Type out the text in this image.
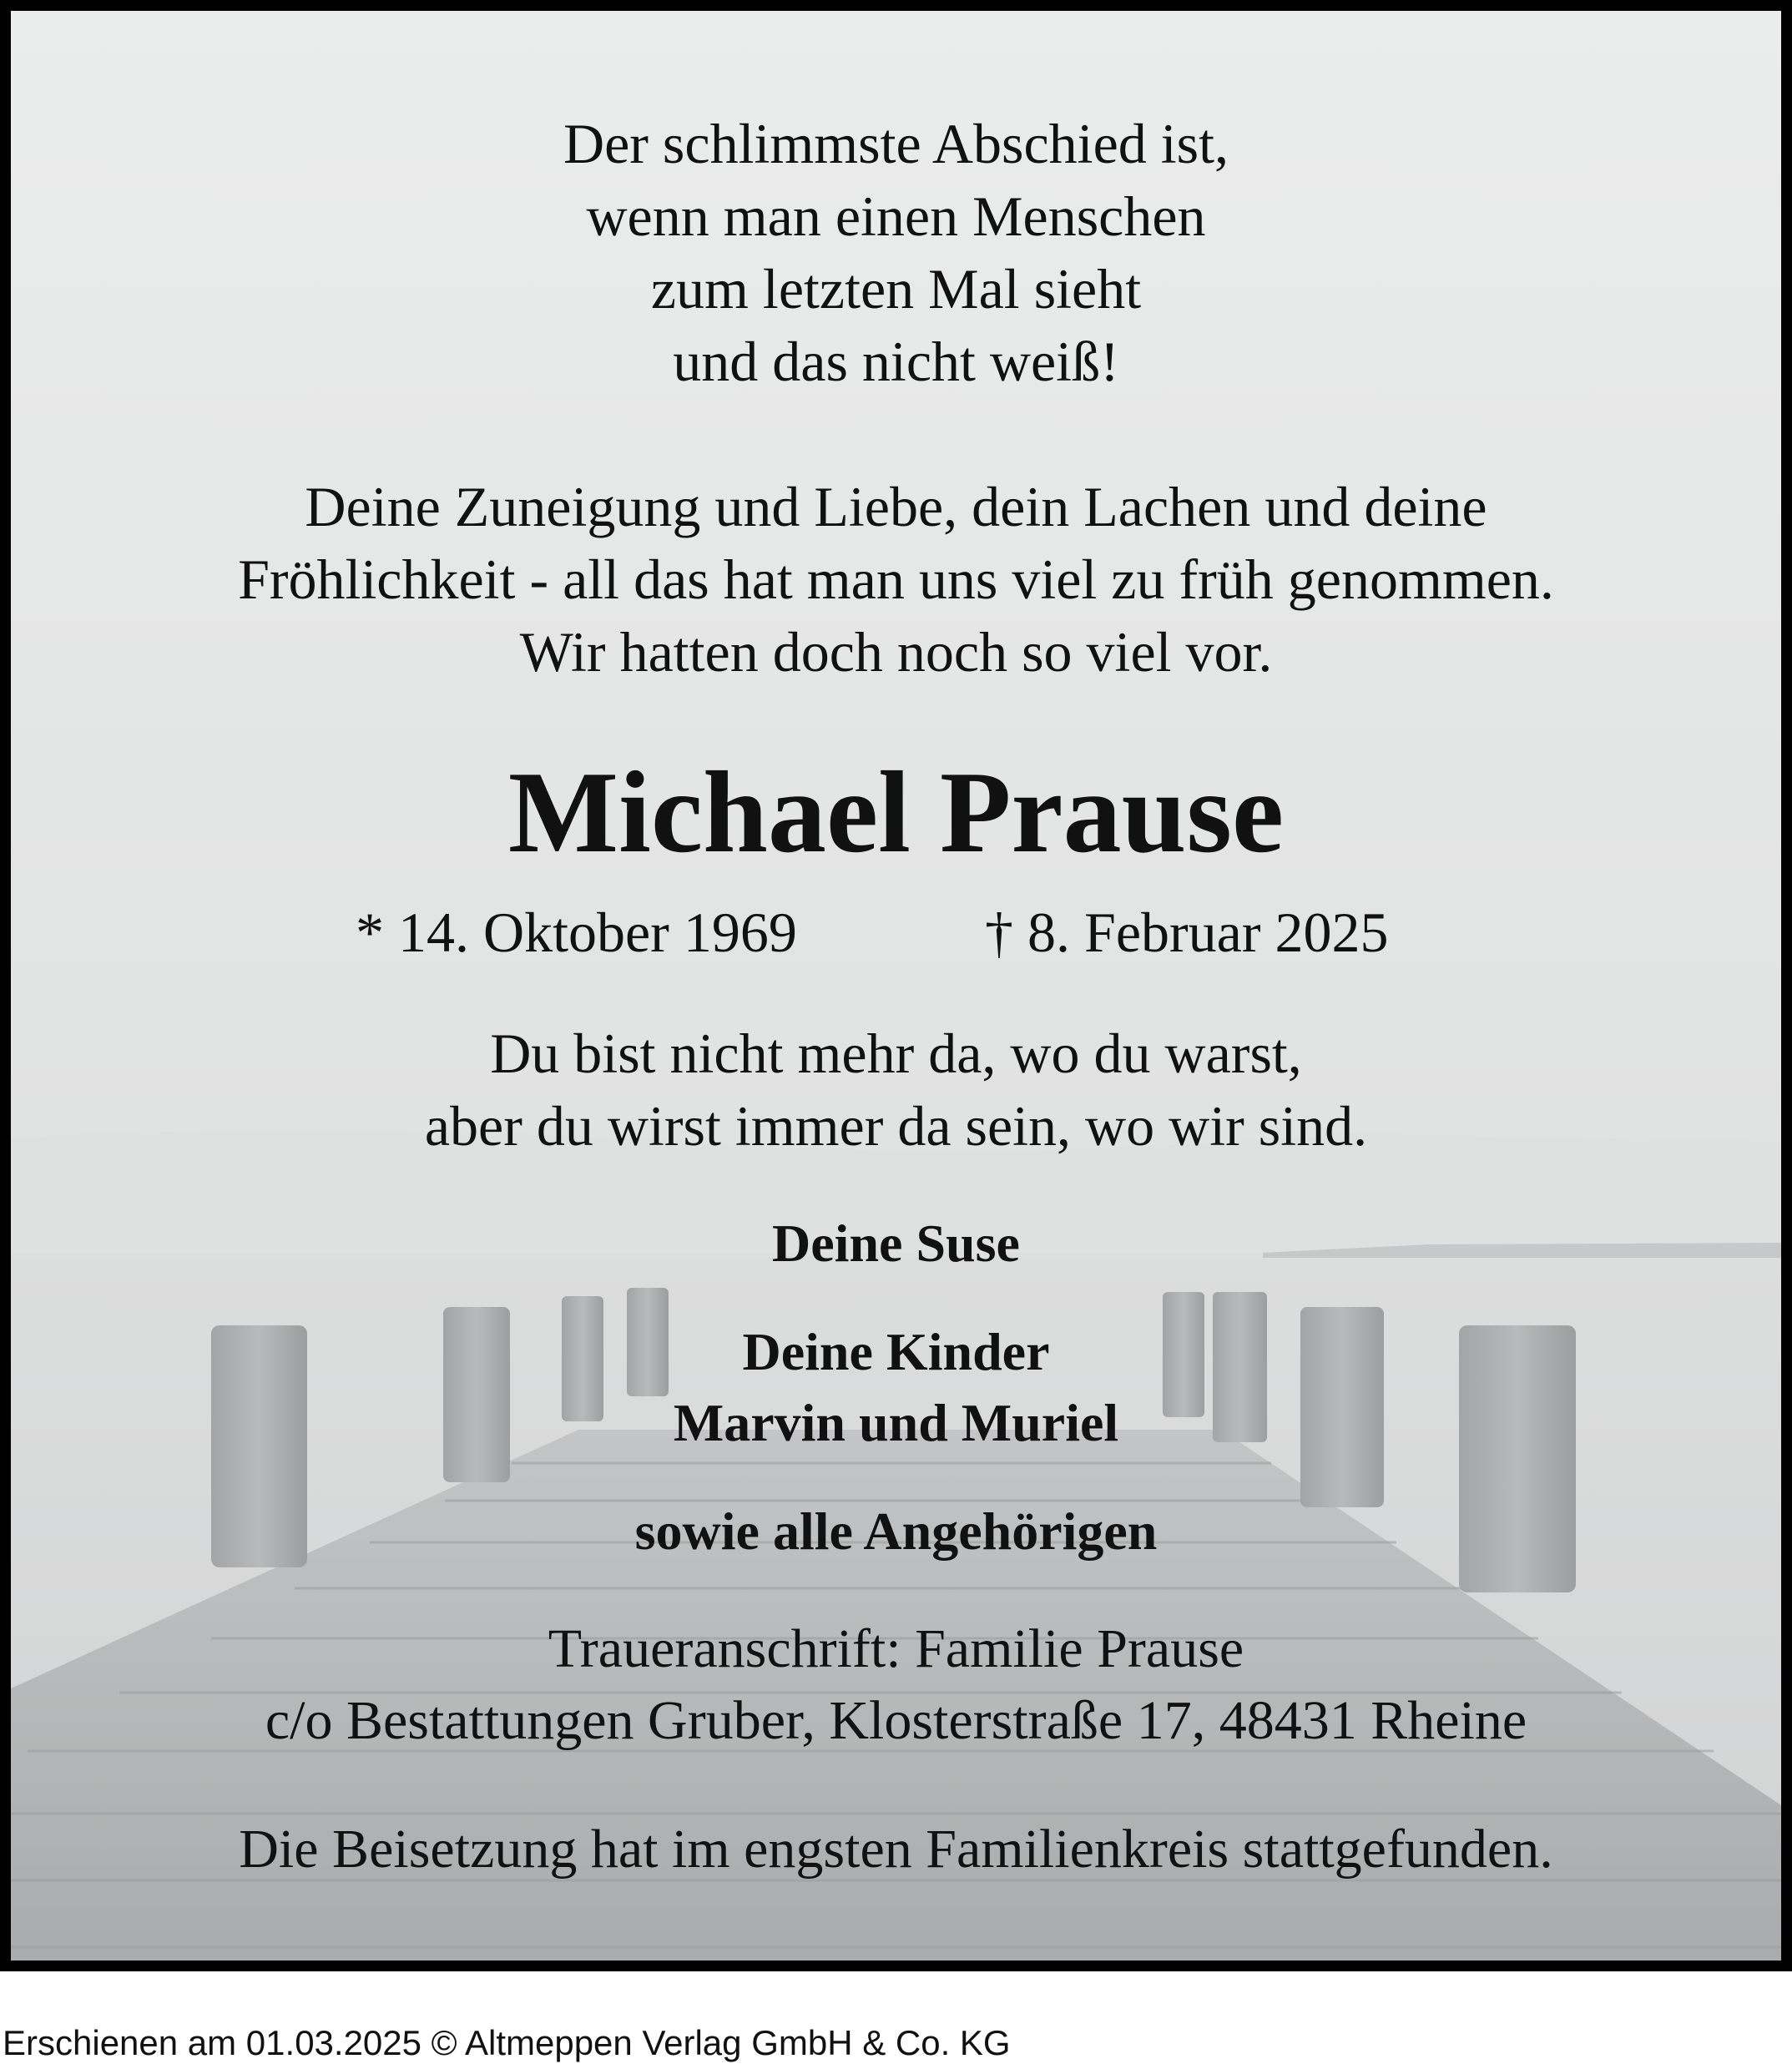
Der schlimmste Abschied ist,
wenn man einen Menschen
zum letzten Mal sieht
und das nicht weiß!
Deine Zuneigung und Liebe, dein Lachen und deine
Fröhlichkeit - all das hat man uns viel zu früh genommen.
Wir hatten doch noch so viel vor.
Michael Prause
* 14. Oktober 1969	† 8. Februar 2025
Du bist nicht mehr da, wo du warst,
aber du wirst immer da sein, wo wir sind.
Deine Suse
Deine Kinder
Marvin und Muriel
sowie alle Angehörigen
Traueranschrift: Familie Prause
c/o Bestattungen Gruber, Klosterstraße 17, 48431 Rheine
Die Beisetzung hat im engsten Familienkreis stattgefunden.
Erschienen am 01.03.2025 © Altmeppen Verlag GmbH & Co. KG
